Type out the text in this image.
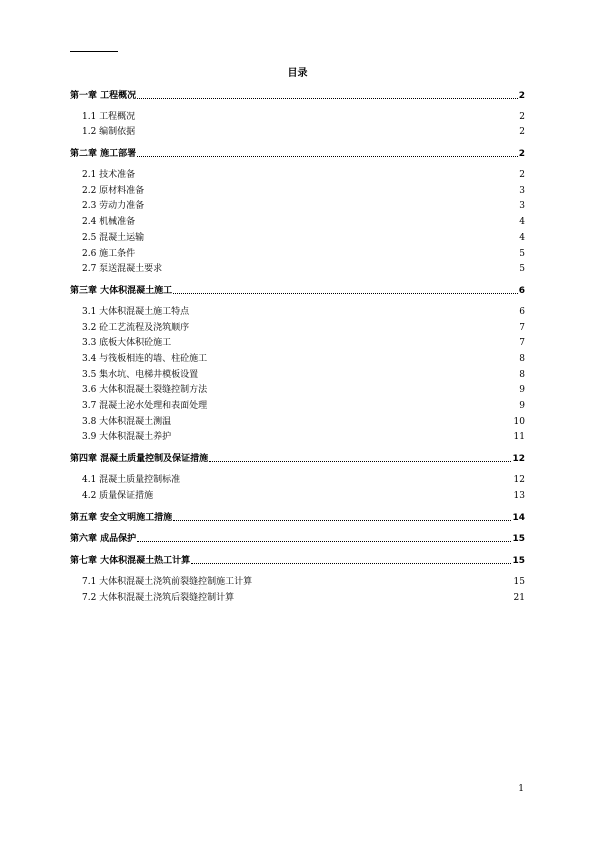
目录
第一章 工程概况	2
1.1 工程概况	2
1.2 编制依据	2
第二章 施工部署	2
2.1 技术准备	2
2.2 原材料准备	3
2.3 劳动力准备	3
2.4 机械准备	4
2.5 混凝土运输	4
2.6 施工条件	5
2.7 泵送混凝土要求	5
第三章 大体积混凝土施工	6
3.1 大体积混凝土施工特点	6
3.2 砼工艺流程及浇筑顺序	7
3.3 底板大体积砼施工	7
3.4 与筏板相连的墙、柱砼施工	8
3.5 集水坑、电梯井模板设置	8
3.6 大体积混凝土裂缝控制方法	9
3.7 混凝土泌水处理和表面处理	9
3.8 大体积混凝土测温	10
3.9 大体积混凝土养护	11
第四章 混凝土质量控制及保证措施	12
4.1 混凝土质量控制标准	12
4.2 质量保证措施	13
第五章 安全文明施工措施	14
第六章 成品保护	15
第七章 大体积混凝土热工计算	15
7.1 大体积混凝土浇筑前裂缝控制施工计算	15
7.2 大体积混凝土浇筑后裂缝控制计算	21
1
